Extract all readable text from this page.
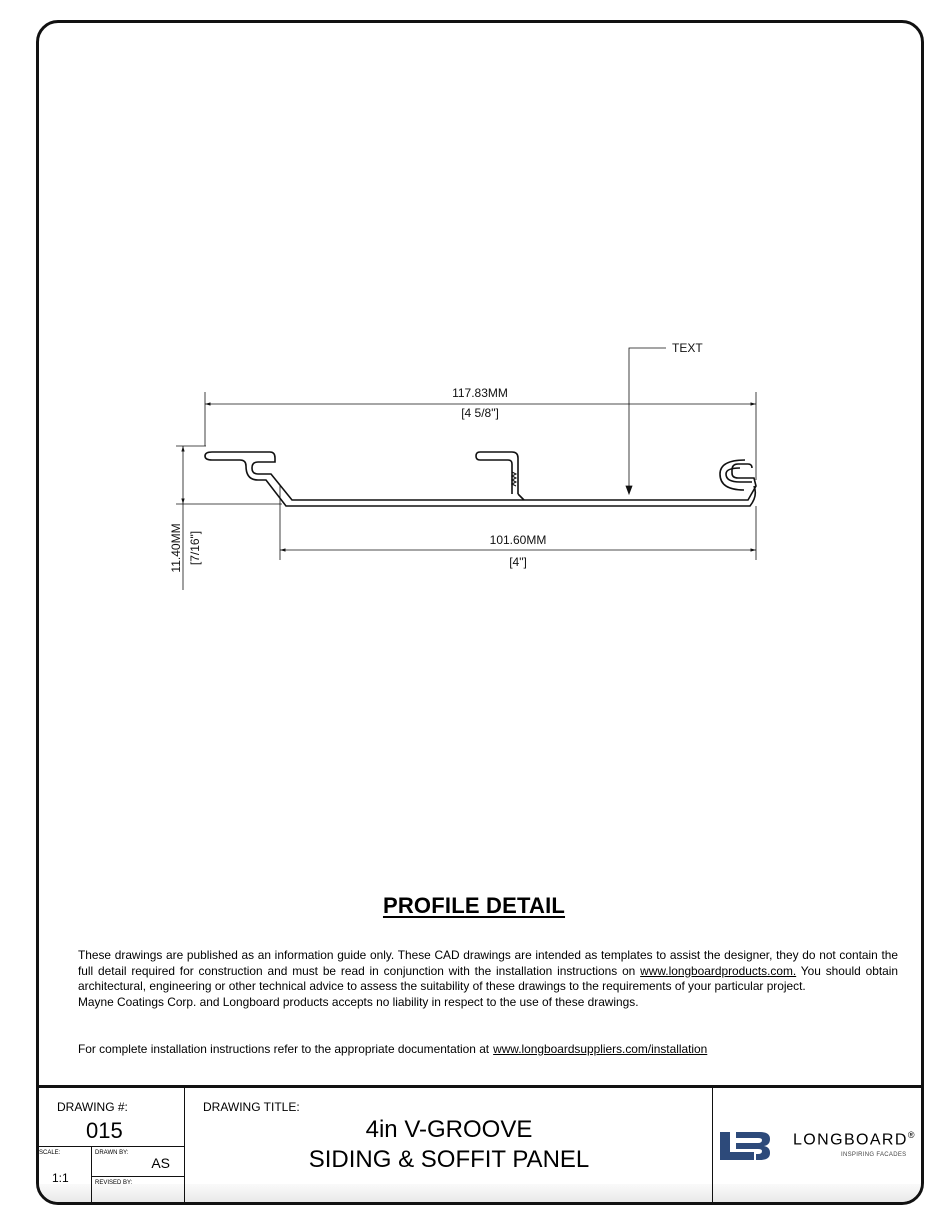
117.83MM
[4 5/8"]
101.60MM
[4"]
11.40MM [7/16"]
TEXT
PROFILE DETAIL

These drawings are published as an information guide only. These CAD drawings are intended as templates to assist the designer, they do not contain the full detail required for construction and must be read in conjunction with the installation instructions on www.longboardproducts.com. You should obtain architectural, engineering or other technical advice to assess the suitability of these drawings to the requirements of your particular project.

Mayne Coatings Corp. and Longboard products accepts no liability in respect to the use of these drawings.

For complete installation instructions refer to the appropriate documentation at www.longboardsuppliers.com/installation
DRAWING #:
015
SCALE:
1:1
DRAWN BY:
AS
REVISED BY:
DRAWING TITLE:
4in V-GROOVE
SIDING & SOFFIT PANEL
LONGBOARD®
INSPIRING FACADES
